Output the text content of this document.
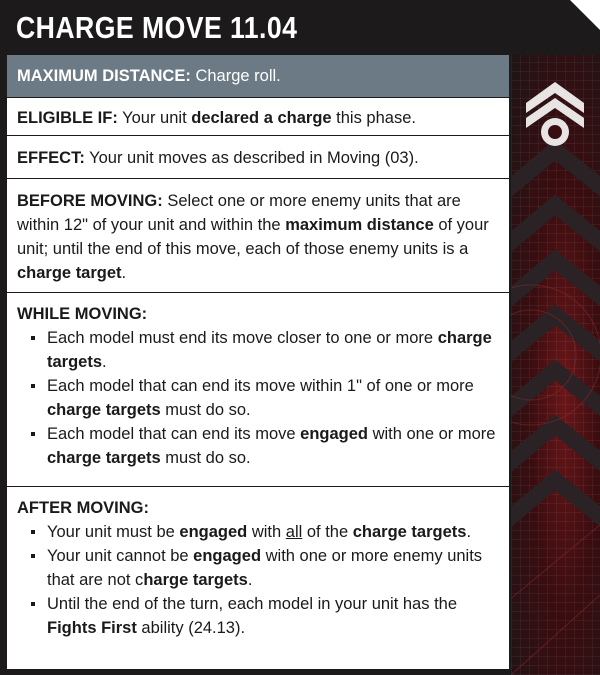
CHARGE MOVE 11.04

MAXIMUM DISTANCE: Charge roll.

ELIGIBLE IF: Your unit declared a charge this phase.

EFFECT: Your unit moves as described in Moving (03).

BEFORE MOVING: Select one or more enemy units that are within 12" of your unit and within the maximum distance of your unit; until the end of this move, each of those enemy units is a charge target.

WHILE MOVING:

Each model must end its move closer to one or more charge targets.
Each model that can end its move within 1" of one or more charge targets must do so.
Each model that can end its move engaged with one or more charge targets must do so.

AFTER MOVING:

Your unit must be engaged with all of the charge targets.
Your unit cannot be engaged with one or more enemy units that are not charge targets.
Until the end of the turn, each model in your unit has the Fights First ability (24.13).
